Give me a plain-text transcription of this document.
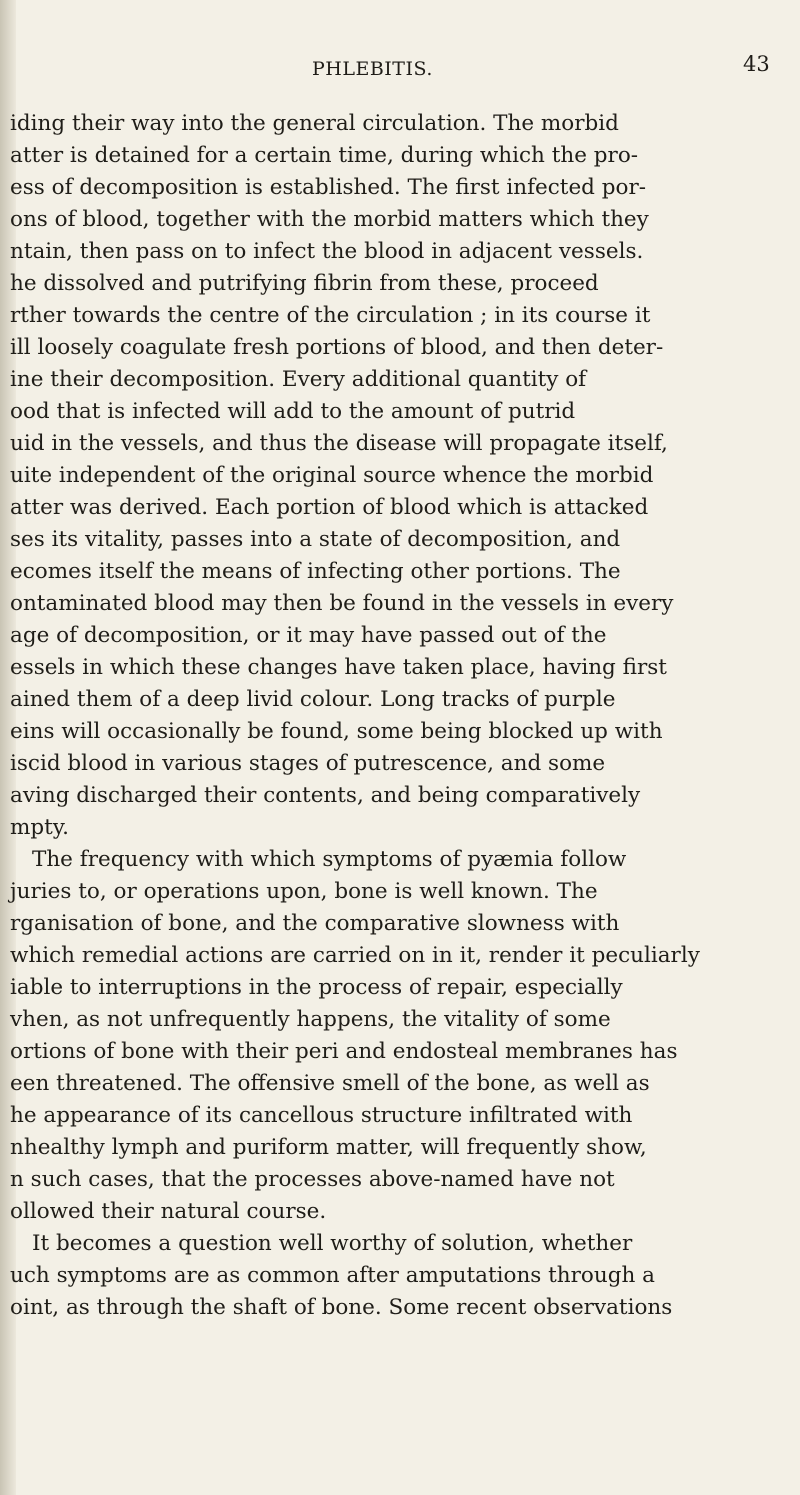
PHLEBITIS.	43
iding their way into the general circulation. The morbid
atter is detained for a certain time, during which the pro-
ess of decomposition is established. The first infected por-
ons of blood, together with the morbid matters which they
ntain, then pass on to infect the blood in adjacent vessels.
he dissolved and putrifying fibrin from these, proceed
rther towards the centre of the circulation ; in its course it
ill loosely coagulate fresh portions of blood, and then deter-
ine their decomposition. Every additional quantity of
ood that is infected will add to the amount of putrid
uid in the vessels, and thus the disease will propagate itself,
uite independent of the original source whence the morbid
atter was derived. Each portion of blood which is attacked
ses its vitality, passes into a state of decomposition, and
ecomes itself the means of infecting other portions. The
ontaminated blood may then be found in the vessels in every
age of decomposition, or it may have passed out of the
essels in which these changes have taken place, having first
ained them of a deep livid colour. Long tracks of purple
eins will occasionally be found, some being blocked up with
iscid blood in various stages of putrescence, and some
aving discharged their contents, and being comparatively
mpty.
The frequency with which symptoms of pyæmia follow
juries to, or operations upon, bone is well known. The
rganisation of bone, and the comparative slowness with
which remedial actions are carried on in it, render it peculiarly
iable to interruptions in the process of repair, especially
vhen, as not unfrequently happens, the vitality of some
ortions of bone with their peri and endosteal membranes has
een threatened. The offensive smell of the bone, as well as
he appearance of its cancellous structure infiltrated with
nhealthy lymph and puriform matter, will frequently show,
n such cases, that the processes above-named have not
ollowed their natural course.
It becomes a question well worthy of solution, whether
uch symptoms are as common after amputations through a
oint, as through the shaft of bone. Some recent observations
